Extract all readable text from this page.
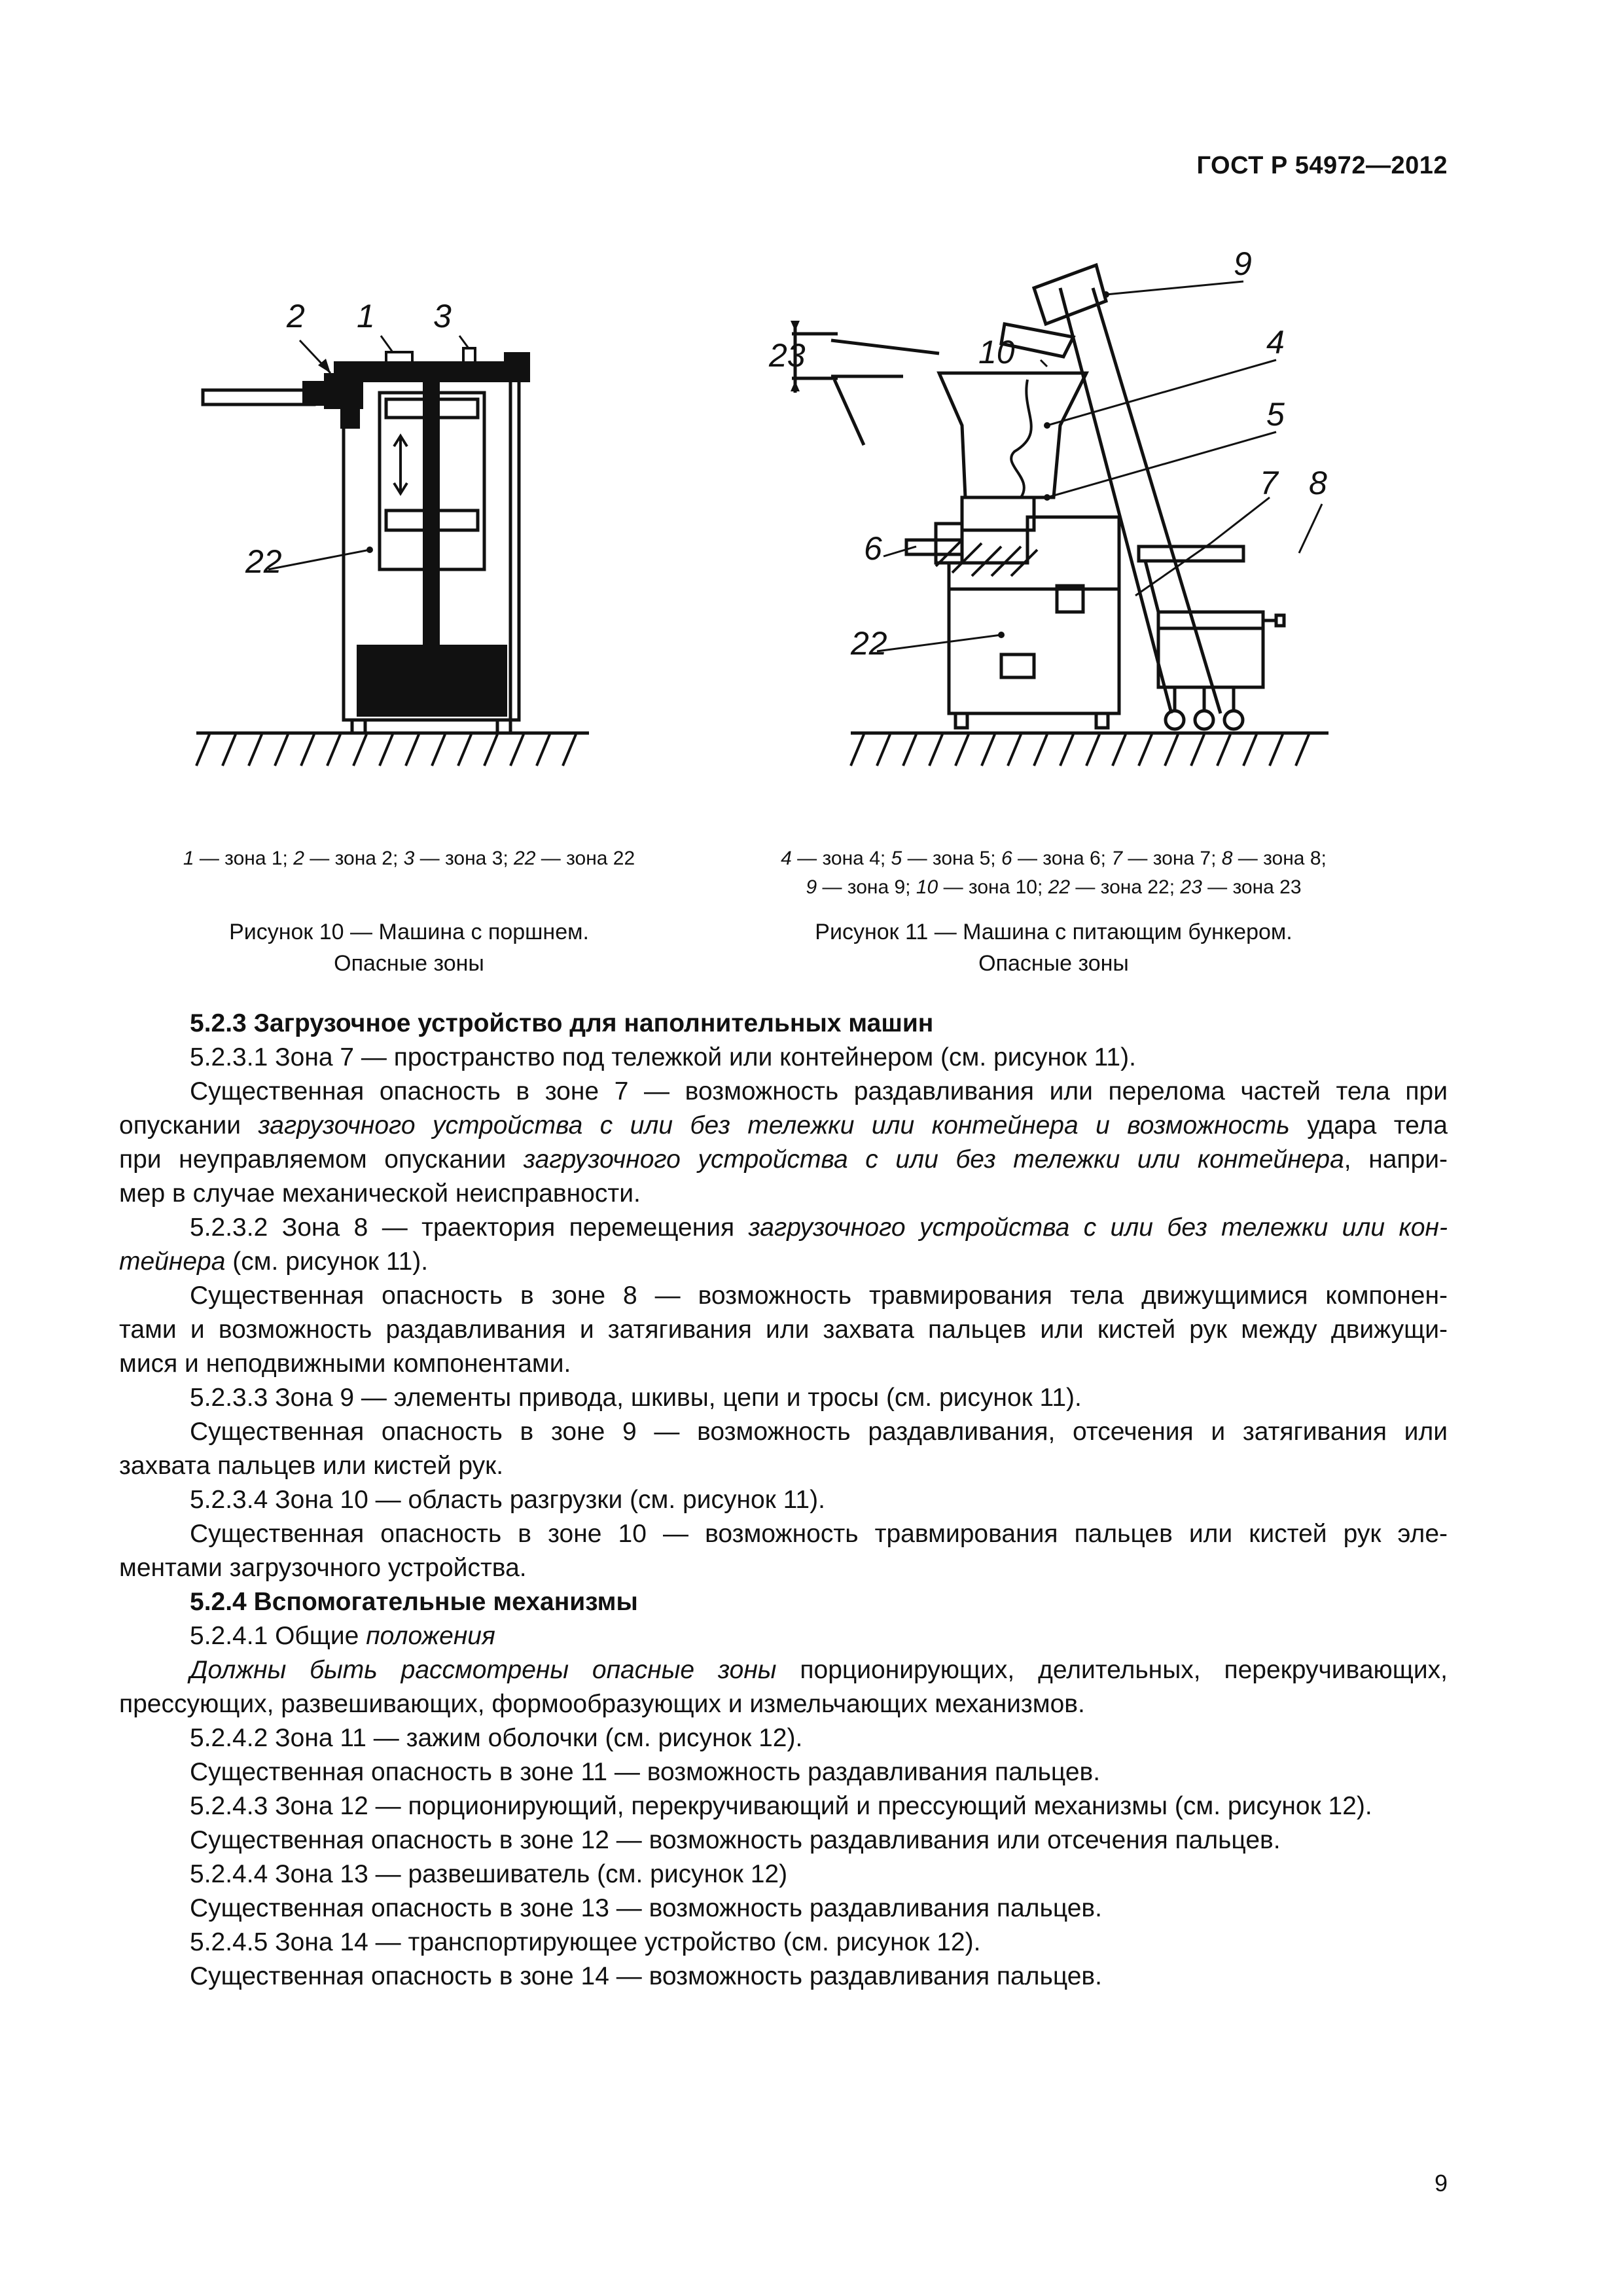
ГОСТ Р 54972—2012
2 1 3
22
1 — зона 1; 2 — зона 2; 3 — зона 3; 22 — зона 22
Рисунок 10 — Машина с поршнем.
Опасные зоны
9
4
5
10
23
7 8
6
22
4 — зона 4; 5 — зона 5; 6 — зона 6; 7 — зона 7; 8 — зона 8;
9 — зона 9; 10 — зона 10; 22 — зона 22; 23 — зона 23
Рисунок 11 — Машина с питающим бункером.
Опасные зоны

5.2.3 Загрузочное устройство для наполнительных машин

5.2.3.1 Зона 7 — пространство под тележкой или контейнером (см. рисунок 11).

Существенная опасность в зоне 7 — возможность раздавливания или перелома частей тела при

опускании загрузочного устройства с или без тележки или контейнера и возможность удара тела

при неуправляемом опускании загрузочного устройства с или без тележки или контейнера, напри-

мер в случае механической неисправности.

5.2.3.2 Зона 8 — траектория перемещения загрузочного устройства с или без тележки или кон-

тейнера (см. рисунок 11).

Существенная опасность в зоне 8 — возможность травмирования тела движущимися компонен-

тами и возможность раздавливания и затягивания или захвата пальцев или кистей рук между движущи-

мися и неподвижными компонентами.

5.2.3.3 Зона 9 — элементы привода, шкивы, цепи и тросы (см. рисунок 11).

Существенная опасность в зоне 9 — возможность раздавливания, отсечения и затягивания или

захвата пальцев или кистей рук.

5.2.3.4 Зона 10 — область разгрузки (см. рисунок 11).

Существенная опасность в зоне 10 — возможность травмирования пальцев или кистей рук эле-

ментами загрузочного устройства.

5.2.4 Вспомогательные механизмы

5.2.4.1 Общие положения

Должны быть рассмотрены опасные зоны порционирующих, делительных, перекручивающих,

прессующих, развешивающих, формообразующих и измельчающих механизмов.

5.2.4.2 Зона 11 — зажим оболочки (см. рисунок 12).

Существенная опасность в зоне 11 — возможность раздавливания пальцев.

5.2.4.3 Зона 12 — порционирующий, перекручивающий и прессующий механизмы (см. рисунок 12).

Существенная опасность в зоне 12 — возможность раздавливания или отсечения пальцев.

5.2.4.4 Зона 13 — развешиватель (см. рисунок 12)

Существенная опасность в зоне 13 — возможность раздавливания пальцев.

5.2.4.5 Зона 14 — транспортирующее устройство (см. рисунок 12).

Существенная опасность в зоне 14 — возможность раздавливания пальцев.

9
